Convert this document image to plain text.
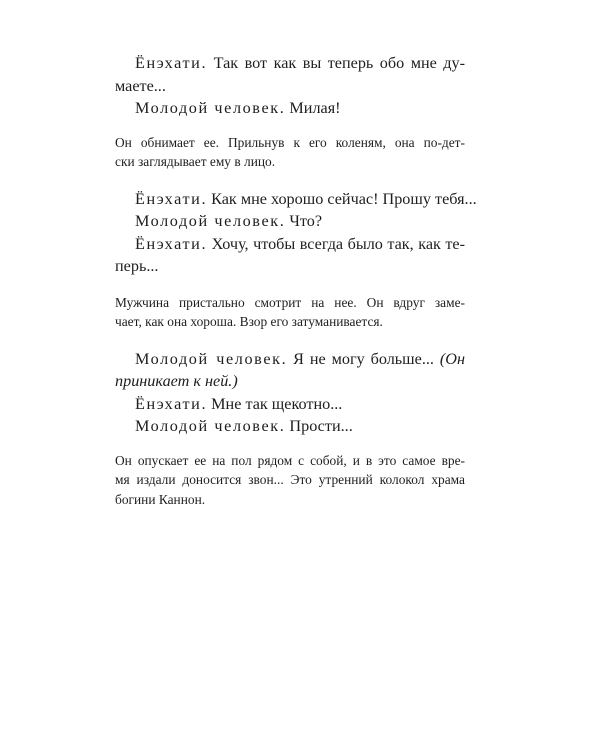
Ёнэхати. Так вот как вы теперь обо мне ду-

маете...

Молодой человек. Милая!

Он обнимает ее. Прильнув к его коленям, она по-дет-

ски заглядывает ему в лицо.

Ёнэхати. Как мне хорошо сейчас! Прошу тебя...

Молодой человек. Что?

Ёнэхати. Хочу, чтобы всегда было так, как те-

перь...

Мужчина пристально смотрит на нее. Он вдруг заме-

чает, как она хороша. Взор его затуманивается.

Молодой человек. Я не могу больше... (Он

приникает к ней.)

Ёнэхати. Мне так щекотно...

Молодой человек. Прости...

Он опускает ее на пол рядом с собой, и в это самое вре-

мя издали доносится звон... Это утренний колокол храма

богини Каннон.
